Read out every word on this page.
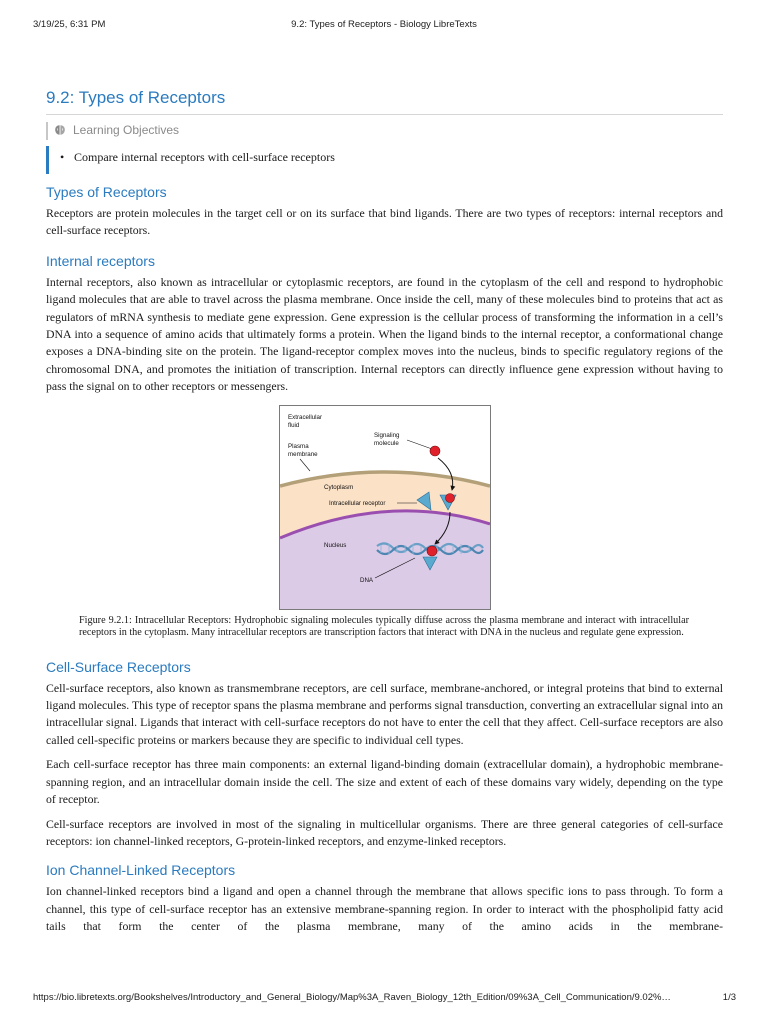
3/19/25, 6:31 PM	9.2: Types of Receptors - Biology LibreTexts
9.2: Types of Receptors
Learning Objectives
• Compare internal receptors with cell-surface receptors
Types of Receptors

Receptors are protein molecules in the target cell or on its surface that bind ligands. There are two types of receptors: internal receptors and cell-surface receptors.

Internal receptors

Internal receptors, also known as intracellular or cytoplasmic receptors, are found in the cytoplasm of the cell and respond to hydrophobic ligand molecules that are able to travel across the plasma membrane. Once inside the cell, many of these molecules bind to proteins that act as regulators of mRNA synthesis to mediate gene expression. Gene expression is the cellular process of transforming the information in a cell’s DNA into a sequence of amino acids that ultimately forms a protein. When the ligand binds to the internal receptor, a conformational change exposes a DNA-binding site on the protein. The ligand-receptor complex moves into the nucleus, binds to specific regulatory regions of the chromosomal DNA, and promotes the initiation of transcription. Internal receptors can directly influence gene expression without having to pass the signal on to other receptors or messengers.

Extracellular
fluid
Plasma
membrane
Signaling
molecule
Cytoplasm
Intracellular receptor
Nucleus
DNA

Figure 9.2.1: Intracellular Receptors: Hydrophobic signaling molecules typically diffuse across the plasma membrane and interact with intracellular receptors in the cytoplasm. Many intracellular receptors are transcription factors that interact with DNA in the nucleus and regulate gene expression.

Cell-Surface Receptors

Cell-surface receptors, also known as transmembrane receptors, are cell surface, membrane-anchored, or integral proteins that bind to external ligand molecules. This type of receptor spans the plasma membrane and performs signal transduction, converting an extracellular signal into an intracellular signal. Ligands that interact with cell-surface receptors do not have to enter the cell that they affect. Cell-surface receptors are also called cell-specific proteins or markers because they are specific to individual cell types.

Each cell-surface receptor has three main components: an external ligand-binding domain (extracellular domain), a hydrophobic membrane-spanning region, and an intracellular domain inside the cell. The size and extent of each of these domains vary widely, depending on the type of receptor.

Cell-surface receptors are involved in most of the signaling in multicellular organisms. There are three general categories of cell-surface receptors: ion channel-linked receptors, G-protein-linked receptors, and enzyme-linked receptors.

Ion Channel-Linked Receptors

Ion channel-linked receptors bind a ligand and open a channel through the membrane that allows specific ions to pass through. To form a channel, this type of cell-surface receptor has an extensive membrane-spanning region. In order to interact with the phospholipid fatty acid tails that form the center of the plasma membrane, many of the amino acids in the membrane-

https://bio.libretexts.org/Bookshelves/Introductory_and_General_Biology/Map%3A_Raven_Biology_12th_Edition/09%3A_Cell_Communication/9.02%…	1/3
